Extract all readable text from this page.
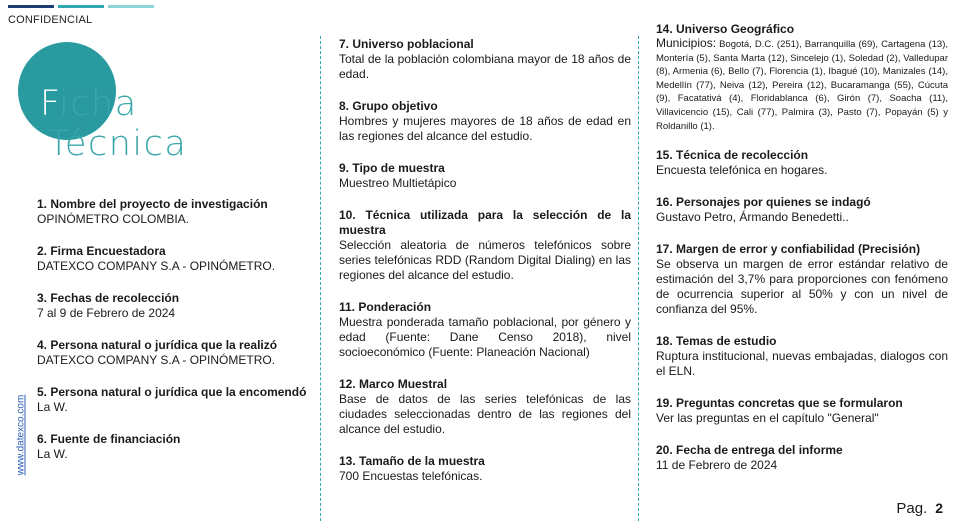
CONFIDENCIAL
Ficha
Técnica
www.datexco.com
1. Nombre del proyecto de investigación
OPINÓMETRO COLOMBIA.
2. Firma Encuestadora
DATEXCO COMPANY S.A - OPINÓMETRO.
3. Fechas de recolección
7 al 9 de Febrero de 2024
4. Persona natural o jurídica que la realizó
DATEXCO COMPANY S.A - OPINÓMETRO.
5. Persona natural o jurídica que la encomendó
La W.
6. Fuente de financiación
La W.
7. Universo poblacional
Total de la población colombiana mayor de 18 años de edad.
8. Grupo objetivo
Hombres y mujeres mayores de 18 años de edad en las regiones del alcance del estudio.
9. Tipo de muestra
Muestreo Multietápico
10. Técnica utilizada para la selección de la muestra
Selección aleatoria de números telefónicos sobre series telefónicas RDD (Random Digital Dialing) en las regiones del alcance del estudio.
11. Ponderación
Muestra ponderada tamaño poblacional, por género y edad (Fuente: Dane Censo 2018), nivel socioeconómico (Fuente: Planeación Nacional)
12. Marco Muestral
Base de datos de las series telefónicas de las ciudades seleccionadas dentro de las regiones del alcance del estudio.
13. Tamaño de la muestra
700 Encuestas telefónicas.
14. Universo Geográfico
Municipios: Bogotá, D.C. (251), Barranquilla (69), Cartagena (13), Montería (5), Santa Marta (12), Sincelejo (1), Soledad (2), Valledupar (8), Armenia (6), Bello (7), Florencia (1), Ibagué (10), Manizales (14), Medellín (77), Neiva (12), Pereira (12), Bucaramanga (55), Cúcuta (9), Facatativá (4), Floridablanca (6), Girón (7), Soacha (11), Villavicencio (15), Cali (77), Palmira (3), Pasto (7), Popayán (5) y Roldanillo (1).
15. Técnica de recolección
Encuesta telefónica en hogares.
16. Personajes por quienes se indagó
Gustavo Petro, Ármando Benedetti..
17. Margen de error y confiabilidad (Precisión)
Se observa un margen de error estándar relativo de estimación del 3,7% para proporciones con fenómeno de ocurrencia superior al 50% y con un nivel de confianza del 95%.
18. Temas de estudio
Ruptura institucional, nuevas embajadas, dialogos con el ELN.
19. Preguntas concretas que se formularon
Ver las preguntas en el capítulo "General"
20. Fecha de entrega del informe
11 de Febrero de 2024
Pag. 2
